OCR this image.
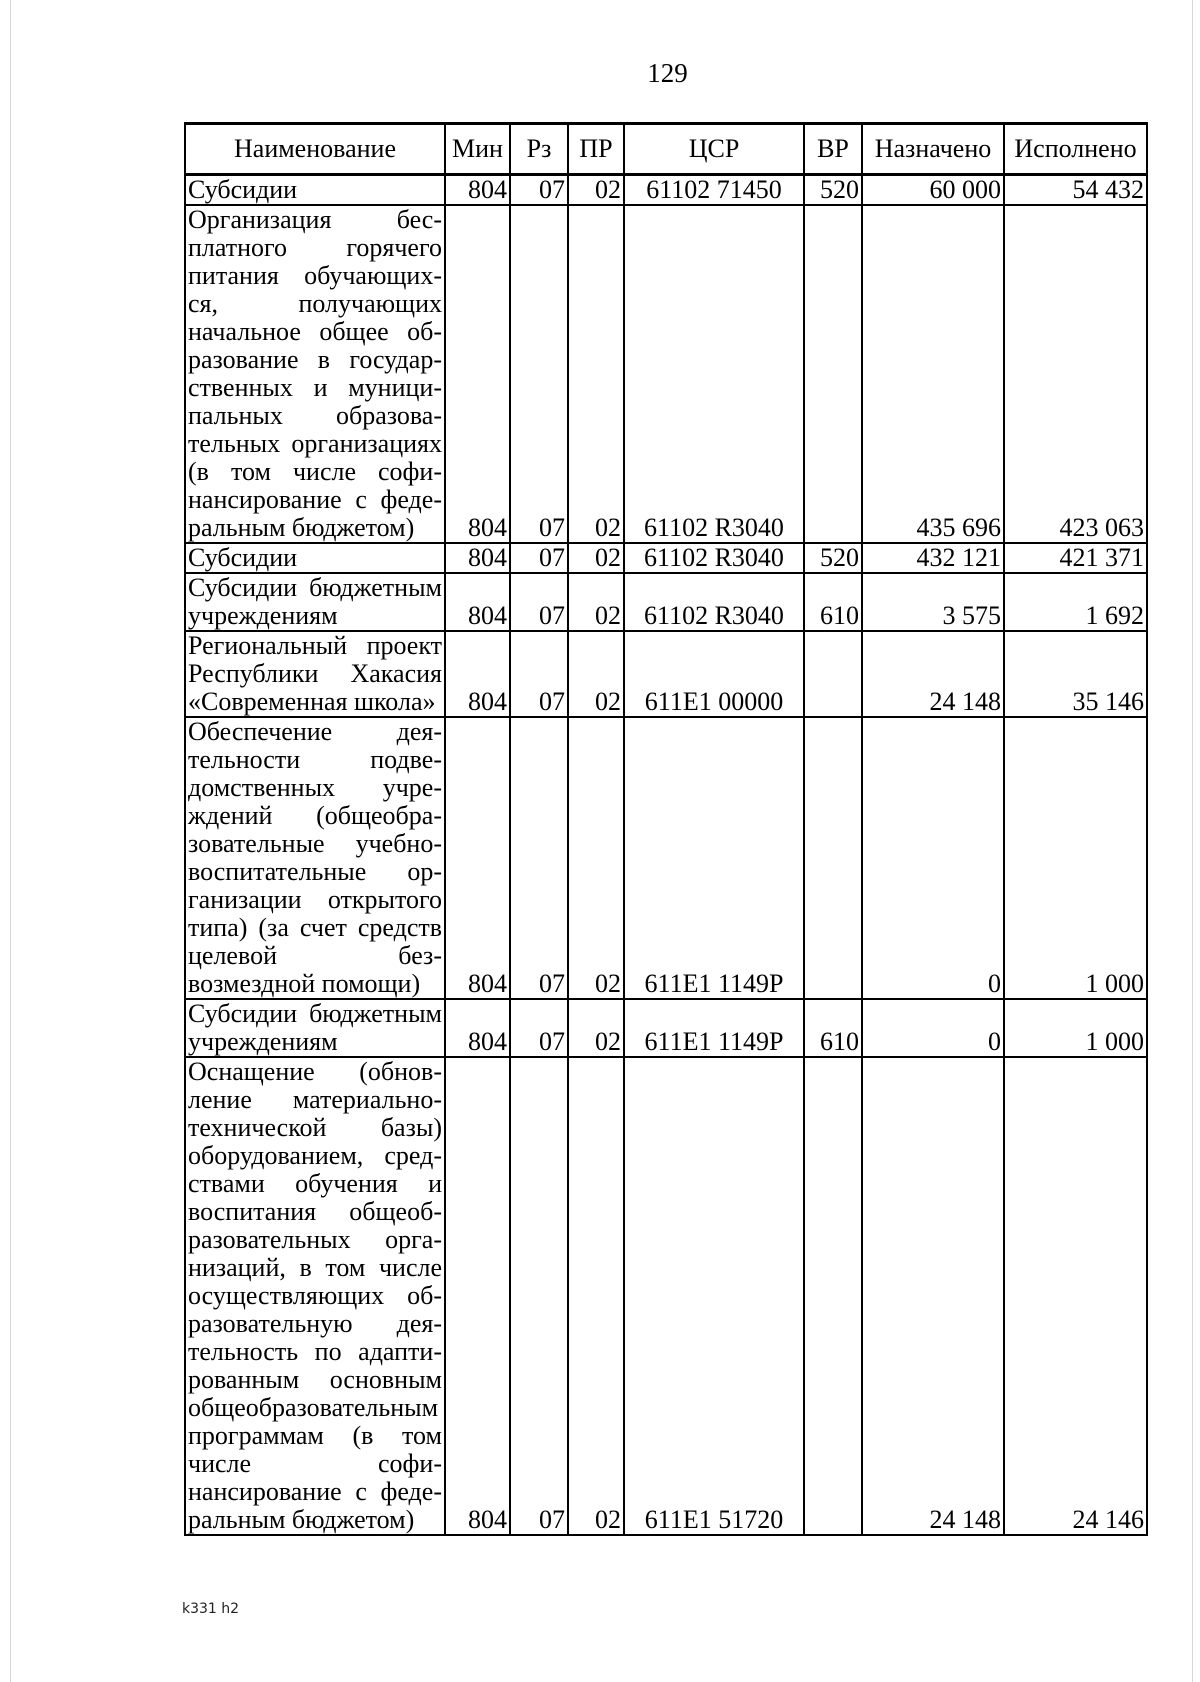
129
Наименование	Мин	Рз	ПР	ЦСР	ВР	Назначено	Исполнено
Субсидии	804	07	02	61102 71450	520	60 000	54 432
Организация бесплатного горячего питания обучающихся, получающих начальное общее образование в государственных и муниципальных образовательных организациях (в том числе софинансирование с федеральным бюджетом)	804	07	02	61102 R3040		435 696	423 063
Субсидии	804	07	02	61102 R3040	520	432 121	421 371
Субсидии бюджетным учреждениям	804	07	02	61102 R3040	610	3 575	1 692
Региональный проект Республики Хакасия «Современная школа»	804	07	02	611E1 00000		24 148	35 146
Обеспечение деятельности подведомственных учреждений (общеобразовательные учебно-воспитательные организации открытого типа) (за счет средств целевой безвозмездной помощи)	804	07	02	611E1 1149P		0	1 000
Субсидии бюджетным учреждениям	804	07	02	611E1 1149P	610	0	1 000
Оснащение (обновление материально-технической базы) оборудованием, средствами обучения и воспитания общеобразовательных организаций, в том числе осуществляющих образовательную деятельность по адаптированным основным общеобразовательным программам (в том числе софинансирование с федеральным бюджетом)	804	07	02	611E1 51720		24 148	24 146
k331 h2
